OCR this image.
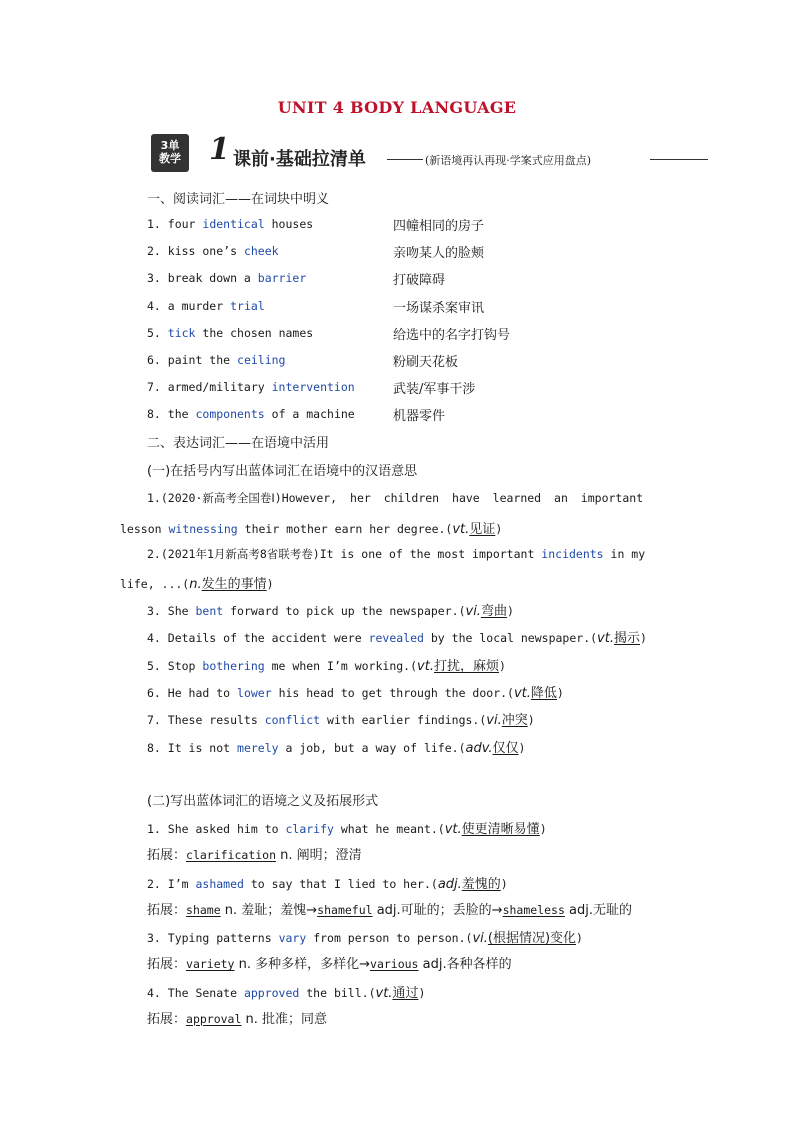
UNIT 4 BODY LANGUAGE
3单
教学 1 课前·基础拉清单	(新语境再认再现·学案式应用盘点)
一、阅读词汇——在词块中明义
1. four identical houses	四幢相同的房子
2. kiss one’s cheek	亲吻某人的脸颊
3. break down a barrier	打破障碍
4. a murder trial	一场谋杀案审讯
5. tick the chosen names	给选中的名字打钩号
6. paint the ceiling	粉刷天花板
7. armed/military intervention	武装/军事干涉
8. the components of a machine	机器零件
二、表达词汇——在语境中活用
(一)在括号内写出蓝体词汇在语境中的汉语意思
1.(2020·新高考全国卷Ⅰ)However, her children have learned an important
lesson witnessing their mother earn her degree.(vt.见证)
2.(2021年1月新高考8省联考卷)It is one of the most important incidents in my
life, ...(n.发生的事情)
3. She bent forward to pick up the newspaper.(vi.弯曲)
4. Details of the accident were revealed by the local newspaper.(vt.揭示)
5. Stop bothering me when I’m working.(vt.打扰，麻烦)
6. He had to lower his head to get through the door.(vt.降低)
7. These results conflict with earlier findings.(vi.冲突)
8. It is not merely a job, but a way of life.(adv.仅仅)
(二)写出蓝体词汇的语境之义及拓展形式
1. She asked him to clarify what he meant.(vt.使更清晰易懂)
拓展：clarification n. 阐明；澄清
2. I’m ashamed to say that I lied to her.(adj.羞愧的)
拓展：shame n. 羞耻；羞愧→shameful adj.可耻的；丢脸的→shameless adj.无耻的
3. Typing patterns vary from person to person.(vi.(根据情况)变化)
拓展：variety n. 多种多样，多样化→various adj.各种各样的
4. The Senate approved the bill.(vt.通过)
拓展：approval n. 批准；同意
